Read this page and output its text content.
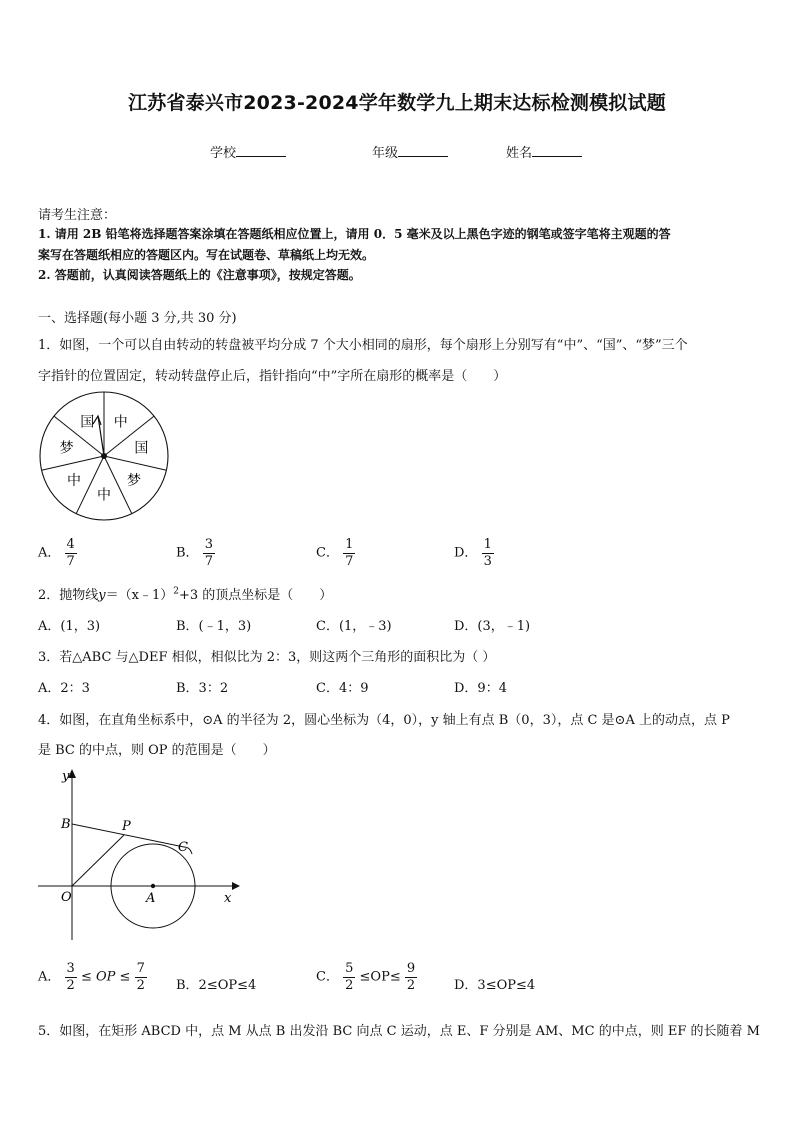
江苏省泰兴市2023-2024学年数学九上期末达标检测模拟试题
学校	年级	姓名
请考生注意：
1. 请用 2B 铅笔将选择题答案涂填在答题纸相应位置上，请用 0．5 毫米及以上黑色字迹的钢笔或签字笔将主观题的答
案写在答题纸相应的答题区内。写在试题卷、草稿纸上均无效。
2. 答题前，认真阅读答题纸上的《注意事项》，按规定答题。
一、选择题(每小题 3 分,共 30 分)
1．如图，一个可以自由转动的转盘被平均分成 7 个大小相同的扇形，每个扇形上分别写有“中”、“国”、“梦”三个
字指针的位置固定，转动转盘停止后，指针指向“中”字所在扇形的概率是（　　）
中
国
梦
中
中
梦
国
A． $\frac{4}{7}$	B． $\frac{3}{7}$	C． $\frac{1}{7}$	D． $\frac{1}{3}$
2．抛物线y＝（x﹣1）$^2$+3 的顶点坐标是（　　）
A．(1，3)	B．(﹣1，3)	C．(1，﹣3)	D．(3，﹣1)
3．若△ABC 与△DEF 相似，相似比为 2：3，则这两个三角形的面积比为（ ）
A．2：3	B．3：2	C．4：9	D．9：4
4．如图，在直角坐标系中，⊙A 的半径为 2，圆心坐标为（4，0），y 轴上有点 B（0，3），点 C 是⊙A 上的动点，点 P
是 BC 的中点，则 OP 的范围是（　　）
y
x
B	P
C
O	A
A． $\frac{3}{2}$ ≤ OP ≤ $\frac{7}{2}$ B．2≤OP≤4
C． $\frac{5}{2} \le OP\le \frac{9}{2}$	D．3≤OP≤4
5．如图，在矩形 ABCD 中，点 M 从点 B 出发沿 BC 向点 C 运动，点 E、F 分别是 AM、MC 的中点，则 EF 的长随着 M
